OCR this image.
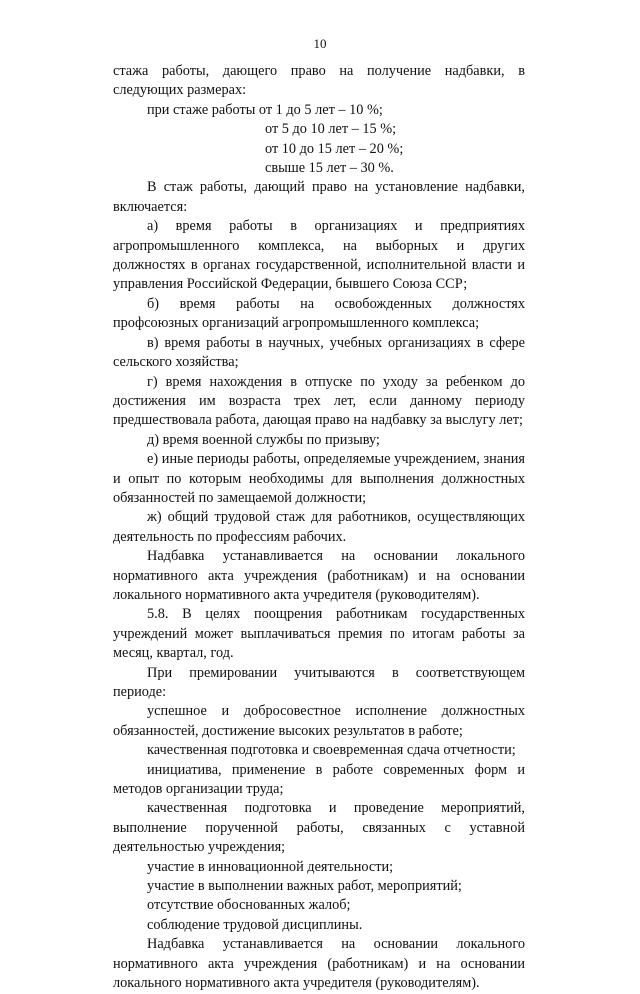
10

стажа работы, дающего право на получение надбавки, в следующих размерах:

при стаже работы от 1 до 5 лет – 10 %;

от 5 до 10 лет – 15 %;

от 10 до 15 лет – 20 %;

свыше 15 лет – 30 %.

В стаж работы, дающий право на установление надбавки, включается:

а) время работы в организациях и предприятиях агропромышленного комплекса, на выборных и других должностях в органах государственной, исполнительной власти и управления Российской Федерации, бывшего Союза ССР;

б) время работы на освобожденных должностях профсоюзных организаций агропромышленного комплекса;

в) время работы в научных, учебных организациях в сфере сельского хозяйства;

г) время нахождения в отпуске по уходу за ребенком до достижения им возраста трех лет, если данному периоду предшествовала работа, дающая право на надбавку за выслугу лет;

д) время военной службы по призыву;

е) иные периоды работы, определяемые учреждением, знания и опыт по которым необходимы для выполнения должностных обязанностей по замещаемой должности;

ж) общий трудовой стаж для работников, осуществляющих деятельность по профессиям рабочих.

Надбавка устанавливается на основании локального нормативного акта учреждения (работникам) и на основании локального нормативного акта учредителя (руководителям).

5.8. В целях поощрения работникам государственных учреждений может выплачиваться премия по итогам работы за месяц, квартал, год.

При премировании учитываются в соответствующем периоде:

успешное и добросовестное исполнение должностных обязанностей, достижение высоких результатов в работе;

качественная подготовка и своевременная сдача отчетности;

инициатива, применение в работе современных форм и методов организации труда;

качественная подготовка и проведение мероприятий, выполнение порученной работы, связанных с уставной деятельностью учреждения;

участие в инновационной деятельности;

участие в выполнении важных работ, мероприятий;

отсутствие обоснованных жалоб;

соблюдение трудовой дисциплины.

Надбавка устанавливается на основании локального нормативного акта учреждения (работникам) и на основании локального нормативного акта учредителя (руководителям).
